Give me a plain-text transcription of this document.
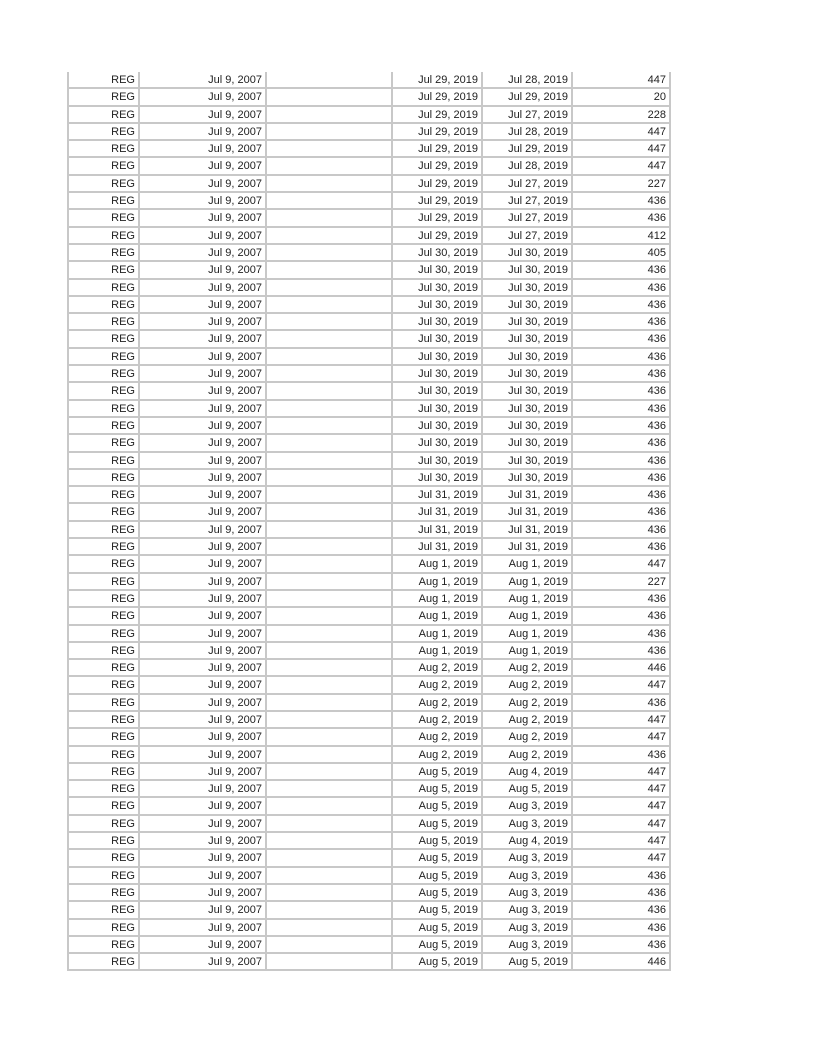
REG	Jul 9, 2007	Jul 29, 2019	Jul 28, 2019	447
REG	Jul 9, 2007	Jul 29, 2019	Jul 29, 2019	20
REG	Jul 9, 2007	Jul 29, 2019	Jul 27, 2019	228
REG	Jul 9, 2007	Jul 29, 2019	Jul 28, 2019	447
REG	Jul 9, 2007	Jul 29, 2019	Jul 29, 2019	447
REG	Jul 9, 2007	Jul 29, 2019	Jul 28, 2019	447
REG	Jul 9, 2007	Jul 29, 2019	Jul 27, 2019	227
REG	Jul 9, 2007	Jul 29, 2019	Jul 27, 2019	436
REG	Jul 9, 2007	Jul 29, 2019	Jul 27, 2019	436
REG	Jul 9, 2007	Jul 29, 2019	Jul 27, 2019	412
REG	Jul 9, 2007	Jul 30, 2019	Jul 30, 2019	405
REG	Jul 9, 2007	Jul 30, 2019	Jul 30, 2019	436
REG	Jul 9, 2007	Jul 30, 2019	Jul 30, 2019	436
REG	Jul 9, 2007	Jul 30, 2019	Jul 30, 2019	436
REG	Jul 9, 2007	Jul 30, 2019	Jul 30, 2019	436
REG	Jul 9, 2007	Jul 30, 2019	Jul 30, 2019	436
REG	Jul 9, 2007	Jul 30, 2019	Jul 30, 2019	436
REG	Jul 9, 2007	Jul 30, 2019	Jul 30, 2019	436
REG	Jul 9, 2007	Jul 30, 2019	Jul 30, 2019	436
REG	Jul 9, 2007	Jul 30, 2019	Jul 30, 2019	436
REG	Jul 9, 2007	Jul 30, 2019	Jul 30, 2019	436
REG	Jul 9, 2007	Jul 30, 2019	Jul 30, 2019	436
REG	Jul 9, 2007	Jul 30, 2019	Jul 30, 2019	436
REG	Jul 9, 2007	Jul 30, 2019	Jul 30, 2019	436
REG	Jul 9, 2007	Jul 31, 2019	Jul 31, 2019	436
REG	Jul 9, 2007	Jul 31, 2019	Jul 31, 2019	436
REG	Jul 9, 2007	Jul 31, 2019	Jul 31, 2019	436
REG	Jul 9, 2007	Jul 31, 2019	Jul 31, 2019	436
REG	Jul 9, 2007	Aug 1, 2019	Aug 1, 2019	447
REG	Jul 9, 2007	Aug 1, 2019	Aug 1, 2019	227
REG	Jul 9, 2007	Aug 1, 2019	Aug 1, 2019	436
REG	Jul 9, 2007	Aug 1, 2019	Aug 1, 2019	436
REG	Jul 9, 2007	Aug 1, 2019	Aug 1, 2019	436
REG	Jul 9, 2007	Aug 1, 2019	Aug 1, 2019	436
REG	Jul 9, 2007	Aug 2, 2019	Aug 2, 2019	446
REG	Jul 9, 2007	Aug 2, 2019	Aug 2, 2019	447
REG	Jul 9, 2007	Aug 2, 2019	Aug 2, 2019	436
REG	Jul 9, 2007	Aug 2, 2019	Aug 2, 2019	447
REG	Jul 9, 2007	Aug 2, 2019	Aug 2, 2019	447
REG	Jul 9, 2007	Aug 2, 2019	Aug 2, 2019	436
REG	Jul 9, 2007	Aug 5, 2019	Aug 4, 2019	447
REG	Jul 9, 2007	Aug 5, 2019	Aug 5, 2019	447
REG	Jul 9, 2007	Aug 5, 2019	Aug 3, 2019	447
REG	Jul 9, 2007	Aug 5, 2019	Aug 3, 2019	447
REG	Jul 9, 2007	Aug 5, 2019	Aug 4, 2019	447
REG	Jul 9, 2007	Aug 5, 2019	Aug 3, 2019	447
REG	Jul 9, 2007	Aug 5, 2019	Aug 3, 2019	436
REG	Jul 9, 2007	Aug 5, 2019	Aug 3, 2019	436
REG	Jul 9, 2007	Aug 5, 2019	Aug 3, 2019	436
REG	Jul 9, 2007	Aug 5, 2019	Aug 3, 2019	436
REG	Jul 9, 2007	Aug 5, 2019	Aug 3, 2019	436
REG	Jul 9, 2007	Aug 5, 2019	Aug 5, 2019	446
